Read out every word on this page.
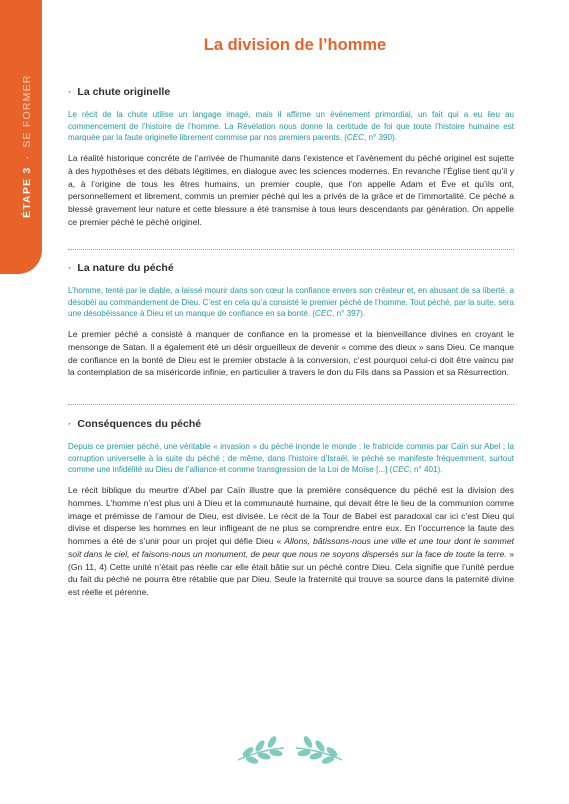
ÉTAPE 3 · SE FORMER
La division de l’homme
· La chute originelle

Le récit de la chute utilise un langage imagé, mais il affirme un événement primordial, un fait qui a eu lieu au commencement de l’histoire de l’homme. La Révélation nous donne la certitude de foi que toute l’histoire humaine est marquée par la faute originelle librement commise par nos premiers parents. (CEC, n° 390).

La réalité historique concrète de l’arrivée de l’humanité dans l’existence et l’avènement du péché originel est sujette à des hypothèses et des débats légitimes, en dialogue avec les sciences modernes. En revanche l’Église tient qu’il y a, à l’origine de tous les êtres humains, un premier couple, que l’on appelle Adam et Ève et qu’ils ont, personnellement et librement, commis un premier péché qui les a privés de la grâce et de l’immortalité. Ce péché a blessé gravement leur nature et cette blessure a été transmise à tous leurs descendants par génération. On appelle ce premier péché le péché originel.

· La nature du péché

L’homme, tenté par le diable, a laissé mourir dans son cœur la confiance envers son créateur et, en abusant de sa liberté, a désobéi au commandement de Dieu. C’est en cela qu’a consisté le premier péché de l’homme. Tout péché, par la suite, sera une désobéissance à Dieu et un manque de confiance en sa bonté. (CEC, n° 397).

Le premier péché a consisté à manquer de confiance en la promesse et la bienveillance divines en croyant le mensonge de Satan. Il a également été un désir orgueilleux de devenir « comme des dieux » sans Dieu. Ce manque de confiance en la bonté de Dieu est le premier obstacle à la conversion, c’est pourquoi celui-ci doit être vaincu par la contemplation de sa miséricorde infinie, en particulier à travers le don du Fils dans sa Passion et sa Résurrection.

· Conséquences du péché

Depuis ce premier péché, une véritable « invasion » du péché inonde le monde : le fratricide commis par Caïn sur Abel ; la corruption universelle à la suite du péché ; de même, dans l’histoire d’Israël, le péché se manifeste fréquemment, surtout comme une infidélité au Dieu de l’alliance et comme transgression de la Loi de Moïse [...] (CEC, n° 401).

Le récit biblique du meurtre d’Abel par Caïn illustre que la première conséquence du péché est la division des hommes. L’homme n’est plus uni à Dieu et la communauté humaine, qui devait être le lieu de la communion comme image et prémisse de l’amour de Dieu, est divisée. Le récit de la Tour de Babel est paradoxal car ici c’est Dieu qui divise et disperse les hommes en leur infligeant de ne plus se comprendre entre eux. En l’occurrence la faute des hommes a été de s’unir pour un projet qui défie Dieu « Allons, bâtissons-nous une ville et une tour dont le sommet soit dans le ciel, et faisons-nous un monument, de peur que nous ne soyons dispersés sur la face de toute la terre. » (Gn 11, 4) Cette unité n’était pas réelle car elle était bâtie sur un péché contre Dieu. Cela signifie que l’unité perdue du fait du péché ne pourra être rétablie que par Dieu. Seule la fraternité qui trouve sa source dans la paternité divine est réelle et pérenne.
